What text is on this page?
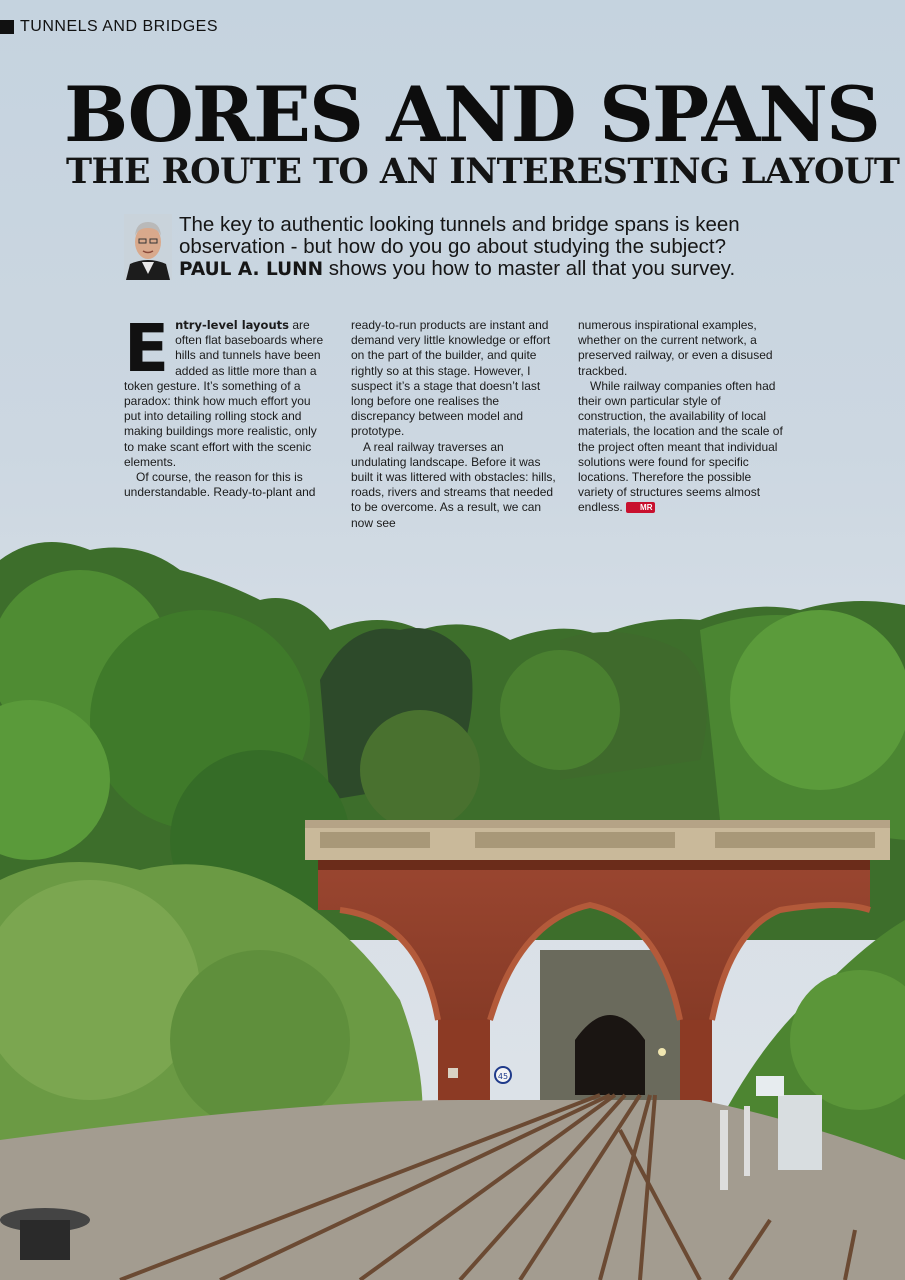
TUNNELS AND BRIDGES
BORES AND SPANS
THE ROUTE TO AN INTERESTING LAYOUT
The key to authentic looking tunnels and bridge spans is keen
observation - but how do you go about studying the subject?
PAUL A. LUNN shows you how to master all that you survey.

Entry-level layouts are often flat baseboards where hills and tunnels have been added as little more than a token gesture. It’s something of a paradox: think how much effort you put into detailing rolling stock and making buildings more realistic, only to make scant effort with the scenic elements.

Of course, the reason for this is understandable. Ready-to-plant and

ready-to-run products are instant and demand very little knowledge or effort on the part of the builder, and quite rightly so at this stage. However, I suspect it’s a stage that doesn’t last long before one realises the discrepancy between model and prototype.

A real railway traverses an undulating landscape. Before it was built it was littered with obstacles: hills, roads, rivers and streams that needed to be overcome. As a result, we can now see

numerous inspirational examples, whether on the current network, a preserved railway, or even a disused trackbed.

While railway companies often had their own particular style of construction, the availability of local materials, the location and the scale of the project often meant that individual solutions were found for specific locations. Therefore the possible variety of structures seems almost endless. MR

45
